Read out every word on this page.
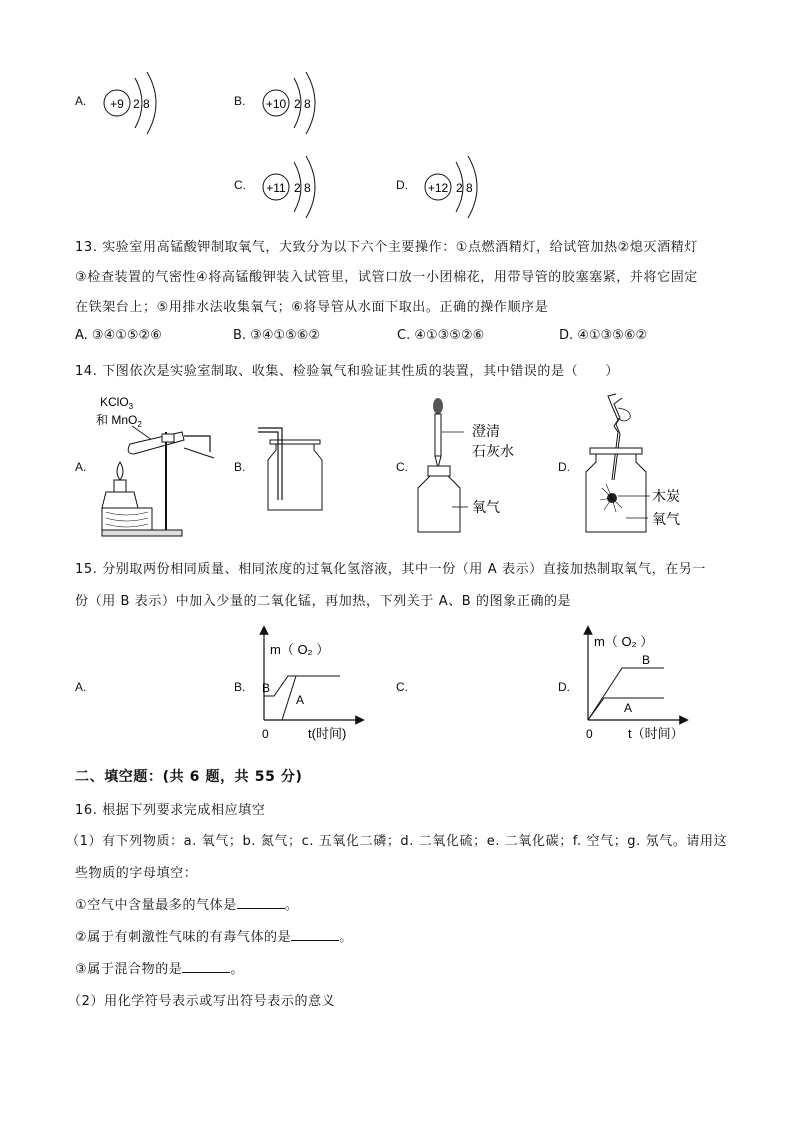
A. +9 2 8	B. +10 2 8
C. +11 2 8	D. +12 2 8
13. 实验室用高锰酸钾制取氧气，大致分为以下六个主要操作：①点燃酒精灯，给试管加热②熄灭酒精灯
③检查装置的气密性④将高锰酸钾装入试管里，试管口放一小团棉花，用带导管的胶塞塞紧，并将它固定
在铁架台上；⑤用排水法收集氧气；⑥将导管从水面下取出。正确的操作顺序是
A. ③④①⑤②⑥	B. ③④①⑤⑥②	C. ④①③⑤②⑥	D. ④①③⑤⑥②
14. 下图依次是实验室制取、收集、检验氧气和验证其性质的装置，其中错误的是（　　）
A.
KClO$_3$
和 MnO$_2$
B.	C.
澄清
石灰水
氧气
D.
木炭
氧气
15. 分别取两份相同质量、相同浓度的过氧化氢溶液，其中一份（用 A 表示）直接加热制取氧气，在另一
份（用 B 表示）中加入少量的二氧化锰，再加热，下列关于 A、B 的图象正确的是
A.	B.	C.	D.
m（ O₂ ）
B
A
0	t(时间)
m（ O₂ ）
B
A
0	t（时间）
二、填空题：(共 6 题，共 55 分)
16. 根据下列要求完成相应填空
（1）有下列物质：a. 氧气；b. 氮气；c. 五氧化二磷；d. 二氧化硫；e. 二氧化碳；f. 空气；g. 氖气。请用这
些物质的字母填空：
①空气中含量最多的气体是	。
②属于有刺激性气味的有毒气体的是	。
③属于混合物的是	。
（2）用化学符号表示或写出符号表示的意义
